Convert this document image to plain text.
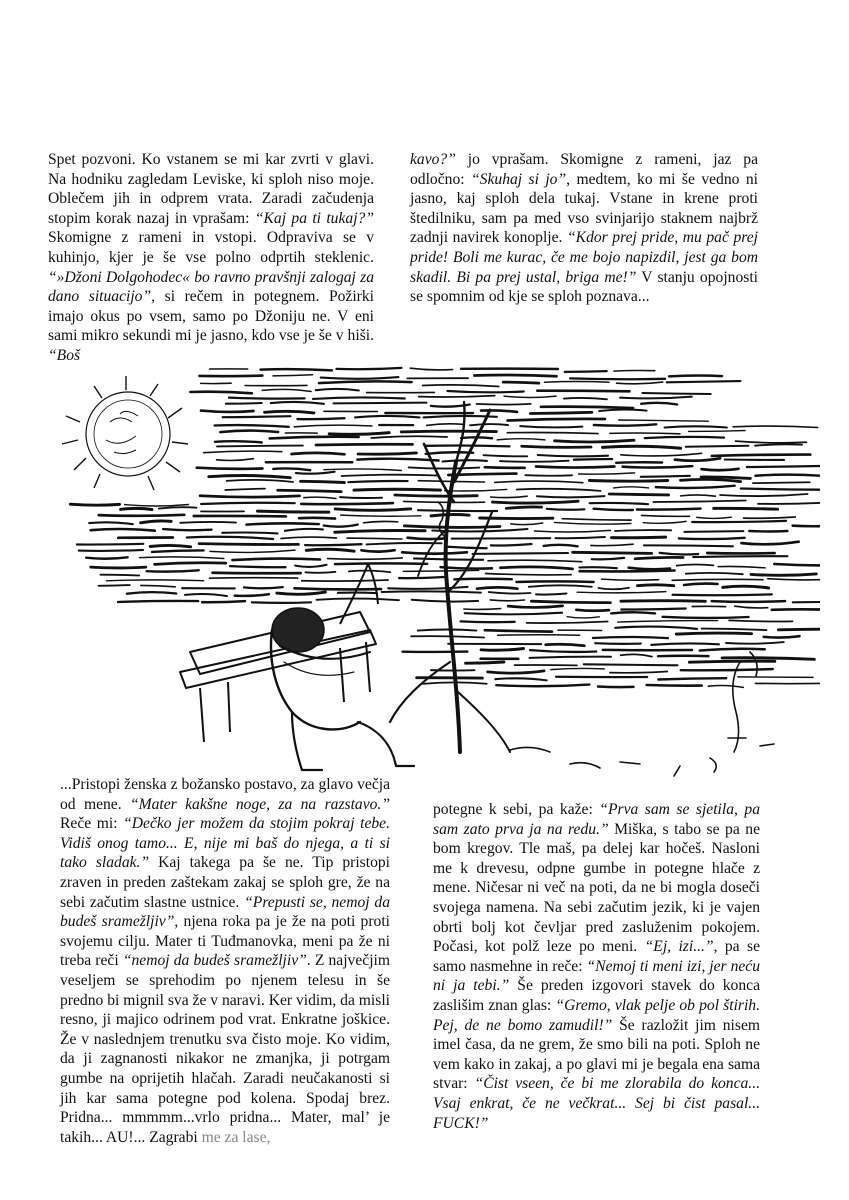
Spet pozvoni. Ko vstanem se mi kar zvrti v glavi. Na hodniku zagledam Leviske, ki sploh niso moje. Oblečem jih in odprem vrata. Zaradi začudenja stopim korak nazaj in vprašam: “Kaj pa ti tukaj?” Skomigne z rameni in vstopi. Odpraviva se v kuhinjo, kjer je še vse polno odprtih steklenic. “»Džoni Dolgohodec« bo ravno pravšnji zalogaj za dano situacijo”, si rečem in potegnem. Požirki imajo okus po vsem, samo po Džoniju ne. V eni sami mikro sekundi mi je jasno, kdo vse je še v hiši. “Boš

kavo?” jo vprašam. Skomigne z rameni, jaz pa odločno: “Skuhaj si jo”, medtem, ko mi še vedno ni jasno, kaj sploh dela tukaj. Vstane in krene proti štedilniku, sam pa med vso svinjarijo staknem najbrž zadnji navirek konoplje. “Kdor prej pride, mu pač prej pride! Boli me kurac, če me bojo napizdil, jest ga bom skadil. Bi pa prej ustal, briga me!” V stanju opojnosti se spomnim od kje se sploh poznava...

...Pristopi ženska z božansko postavo, za glavo večja od mene. “Mater kakšne noge, za na razstavo.” Reče mi: “Dečko jer možem da stojim pokraj tebe. Vidiš onog tamo... E, nije mi baš do njega, a ti si tako sladak.” Kaj takega pa še ne. Tip pristopi zraven in preden zaštekam zakaj se sploh gre, že na sebi začutim slastne ustnice. “Prepusti se, nemoj da budeš sramežljiv”, njena roka pa je že na poti proti svojemu cilju. Mater ti Tuđmanovka, meni pa že ni treba reči “nemoj da budeš sramežljiv”. Z največjim veseljem se sprehodim po njenem telesu in še predno bi mignil sva že v naravi. Ker vidim, da misli resno, ji majico odrinem pod vrat. Enkratne joškice. Že v naslednjem trenutku sva čisto moje. Ko vidim, da ji zagnanosti nikakor ne zmanjka, ji potrgam gumbe na oprijetih hlačah. Zaradi neučakanosti si jih kar sama potegne pod kolena. Spodaj brez. Pridna... mmmmm...vrlo pridna... Mater, mal’ je takih... AU!... Zagrabi me za lase,

potegne k sebi, pa kaže: “Prva sam se sjetila, pa sam zato prva ja na redu.” Miška, s tabo se pa ne bom kregov. Tle maš, pa delej kar hočeš. Nasloni me k drevesu, odpne gumbe in potegne hlače z mene. Ničesar ni več na poti, da ne bi mogla doseči svojega namena. Na sebi začutim jezik, ki je vajen obrti bolj kot čevljar pred zasluženim pokojem. Počasi, kot polž leze po meni. “Ej, izi...”, pa se samo nasmehne in reče: “Nemoj ti meni izi, jer neću ni ja tebi.” Še preden izgovori stavek do konca zaslišim znan glas: “Gremo, vlak pelje ob pol štirih. Pej, de ne bomo zamudil!” Še razložit jim nisem imel časa, da ne grem, že smo bili na poti. Sploh ne vem kako in zakaj, a po glavi mi je begala ena sama stvar: “Čist vseen, če bi me zlorabila do konca... Vsaj enkrat, če ne večkrat... Sej bi čist pasal... FUCK!”
